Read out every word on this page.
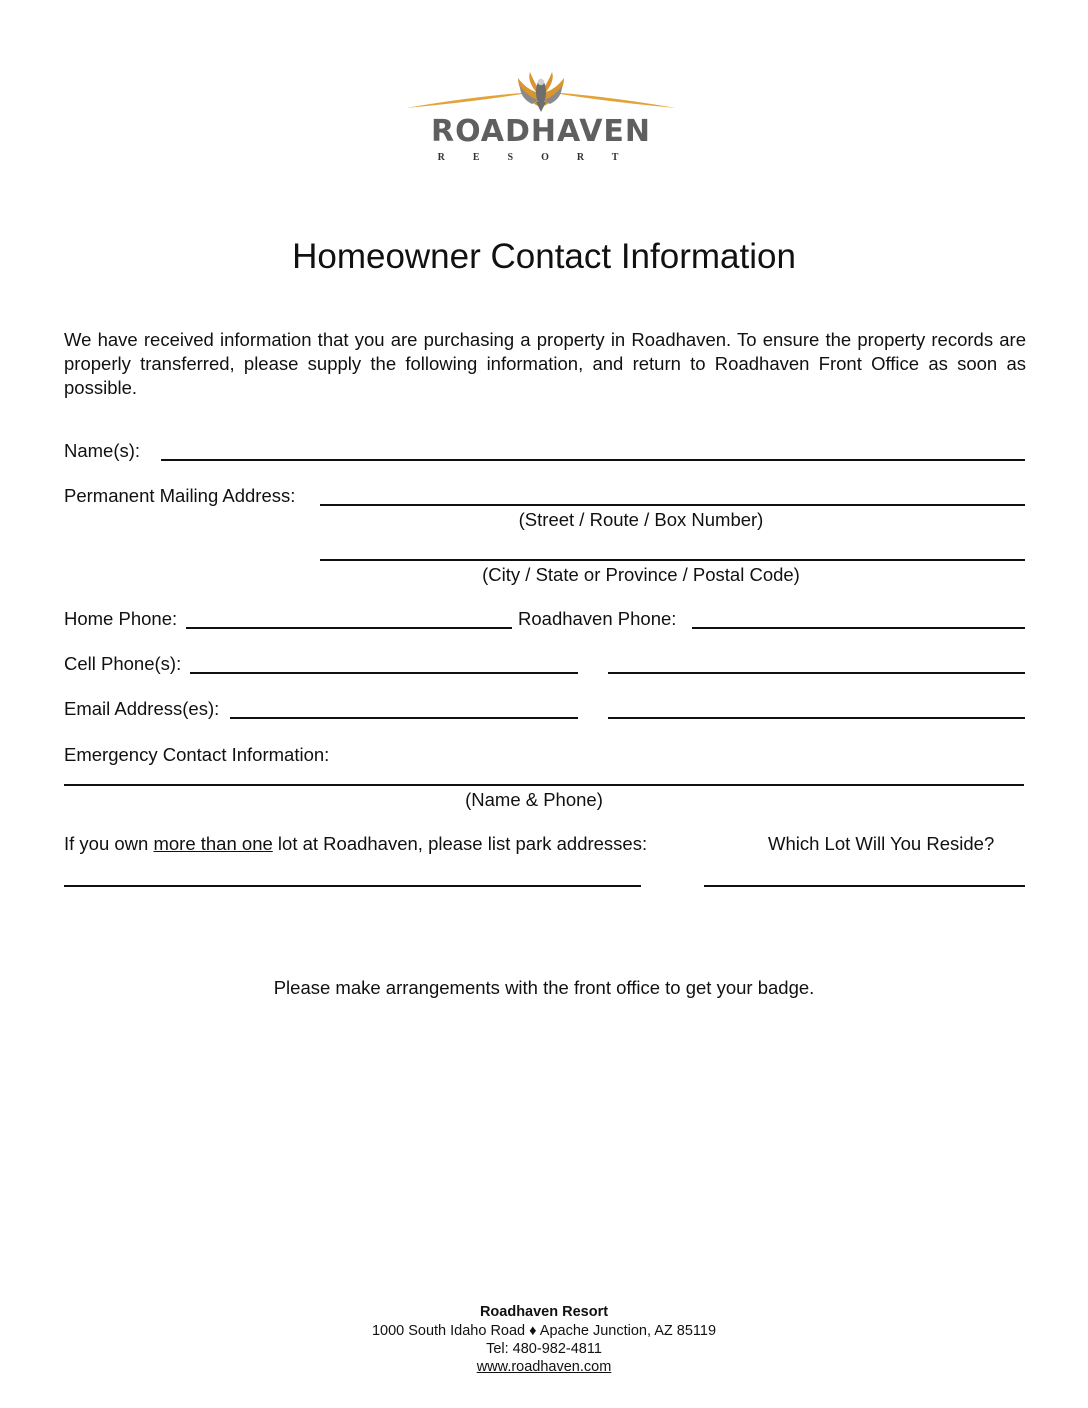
ROADHAVEN
RESORT
Homeowner Contact Information
We have received information that you are purchasing a property in Roadhaven. To ensure the property records are properly transferred, please supply the following information, and return to Roadhaven Front Office as soon as possible.
Name(s):
Permanent Mailing Address:
(Street / Route / Box Number)
(City / State or Province / Postal Code)
Home Phone:	Roadhaven Phone:
Cell Phone(s):
Email Address(es):
Emergency Contact Information:
(Name & Phone)
If you own more than one lot at Roadhaven, please list park addresses:	Which Lot Will You Reside?
Please make arrangements with the front office to get your badge.
Roadhaven Resort
1000 South Idaho Road ♦ Apache Junction, AZ 85119
Tel: 480-982-4811
www.roadhaven.com
